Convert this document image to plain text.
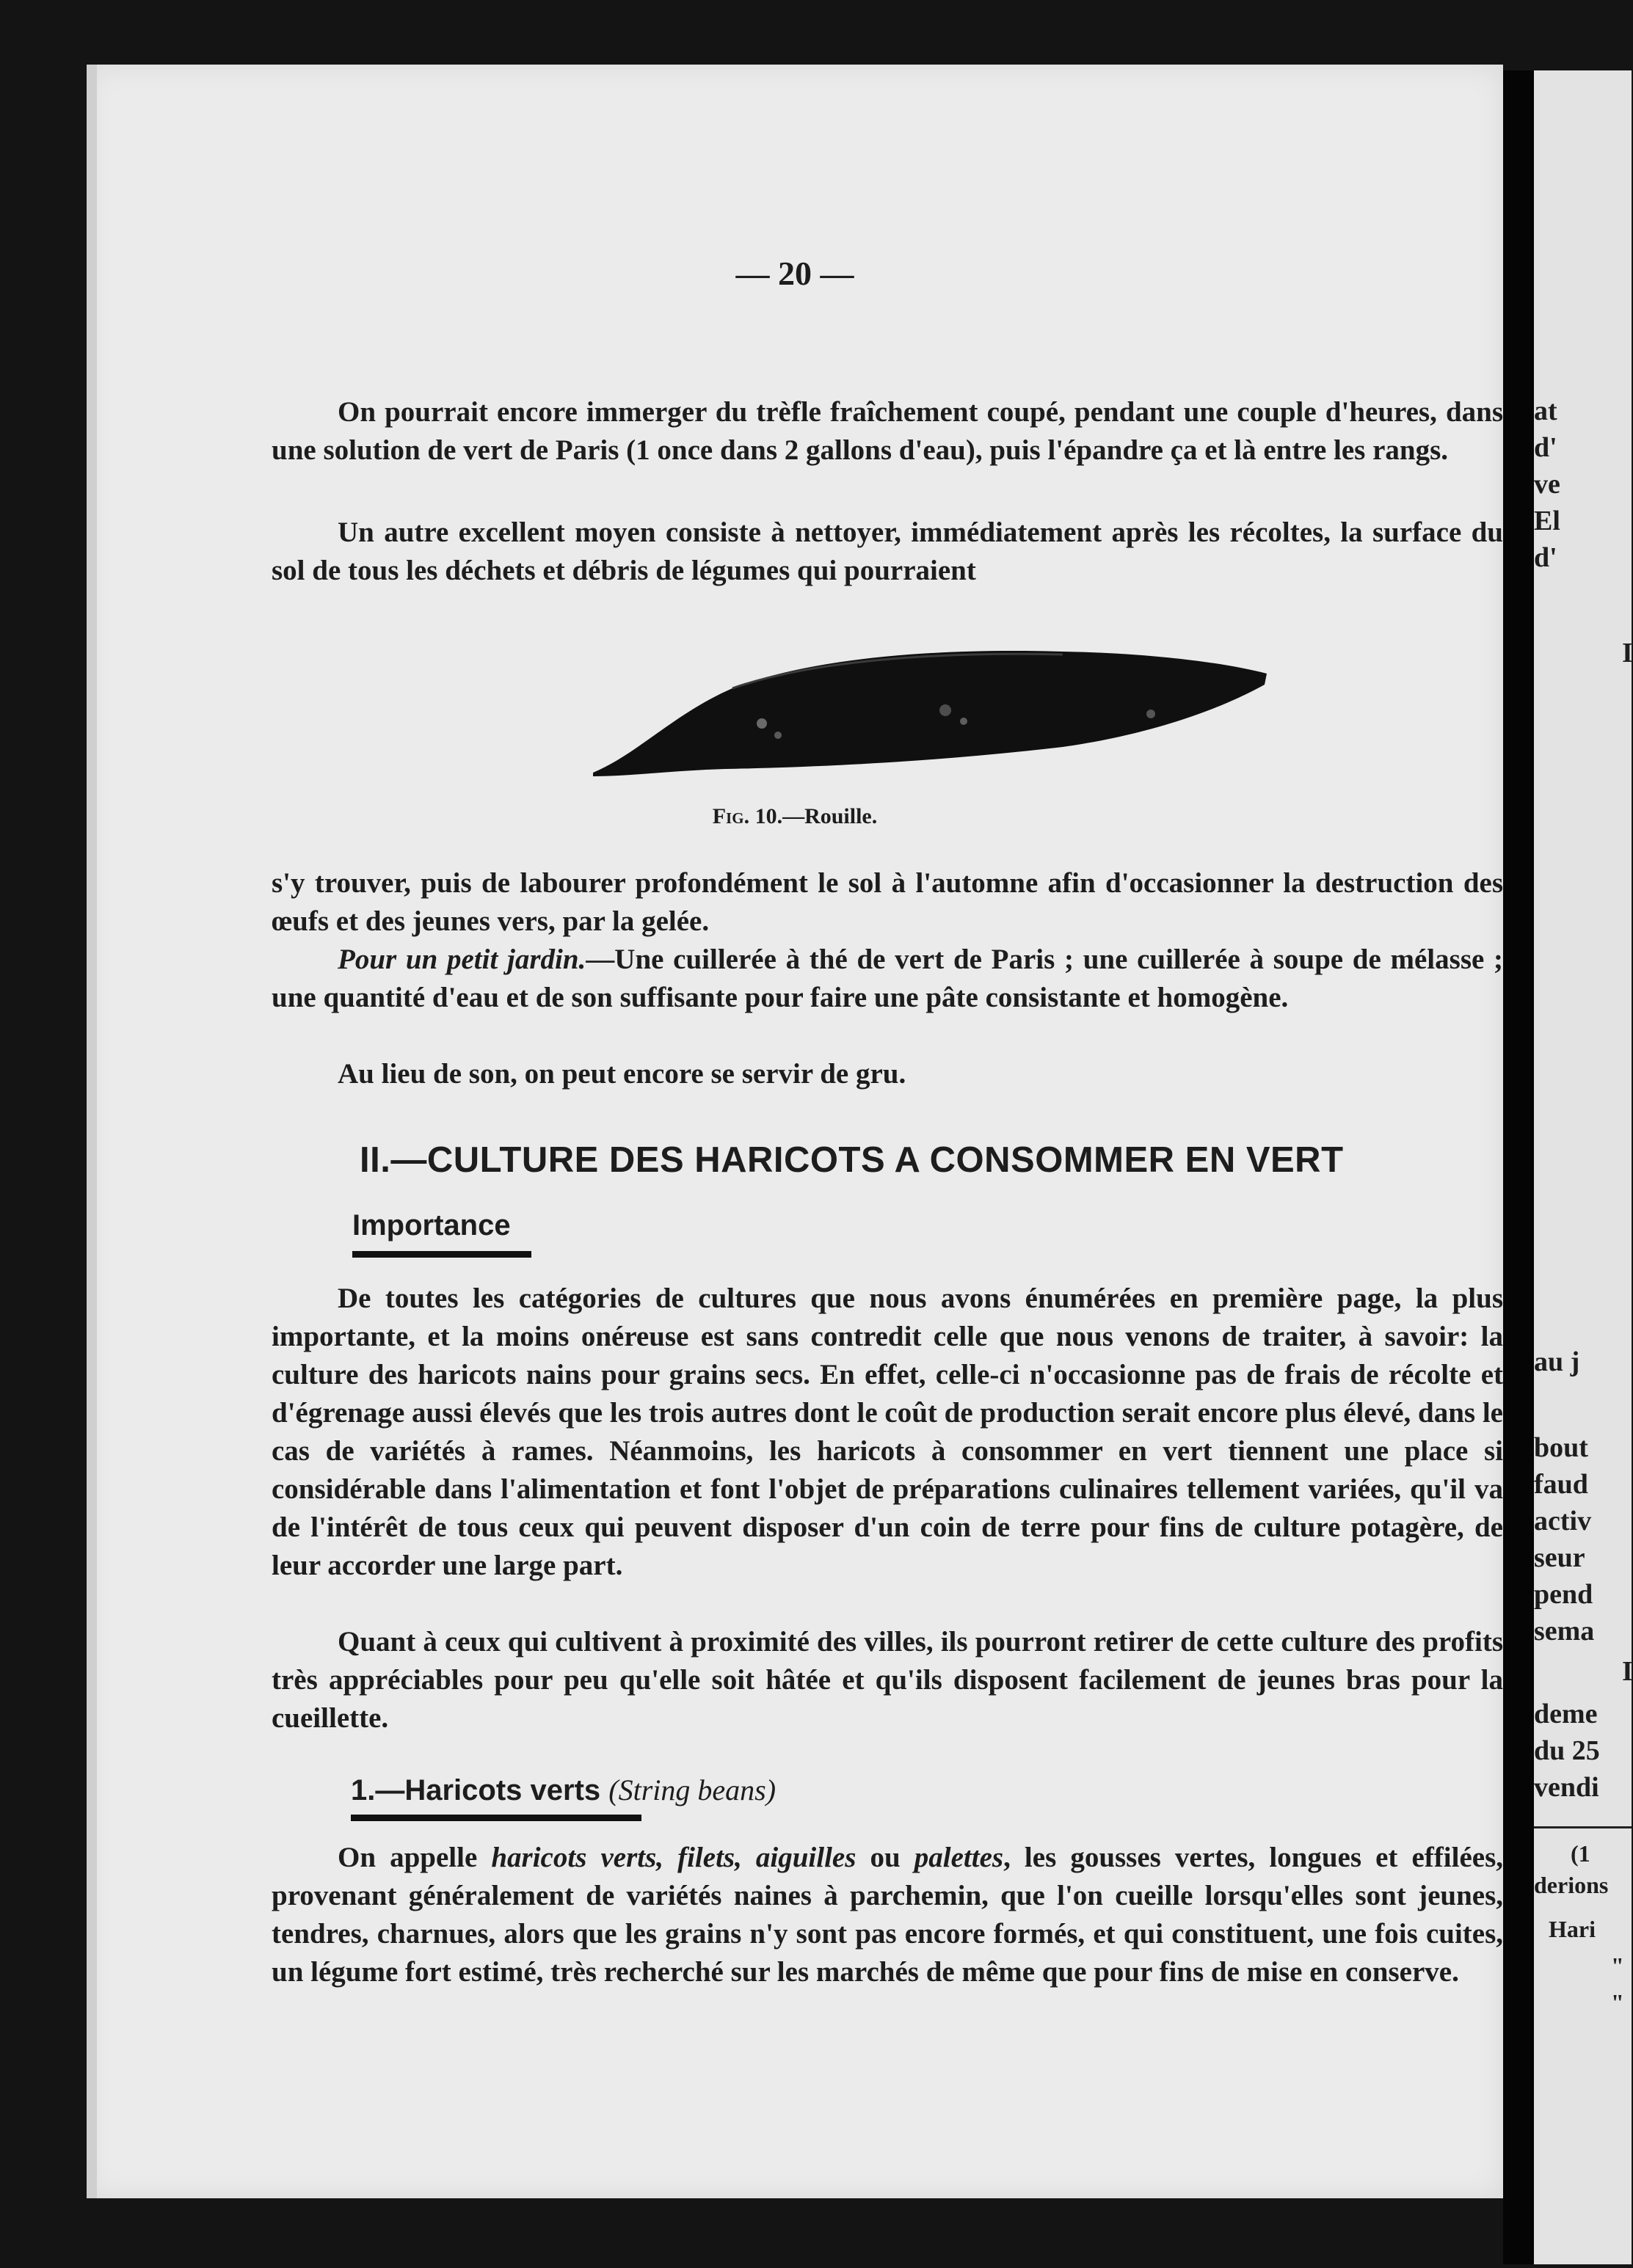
at
d'
ve
El
d'
I
au j
bout
faud
activ
seur
pend
sema
I
deme
du 25
vendi
(1
derions
Hari
"
"
— 20 —

On pourrait encore immerger du trèfle fraîchement coupé, pendant une couple d'heures, dans une solution de vert de Paris (1 once dans 2 gallons d'eau), puis l'épandre ça et là entre les rangs.

Un autre excellent moyen consiste à nettoyer, immédiatement après les récoltes, la surface du sol de tous les déchets et débris de légumes qui pourraient

Fig. 10.—Rouille.

s'y trouver, puis de labourer profondément le sol à l'automne afin d'occasionner la destruction des œufs et des jeunes vers, par la gelée.

Pour un petit jardin.—Une cuillerée à thé de vert de Paris ; une cuillerée à soupe de mélasse ; une quantité d'eau et de son suffisante pour faire une pâte consistante et homogène.

Au lieu de son, on peut encore se servir de gru.

II.—CULTURE DES HARICOTS A CONSOMMER EN VERT
Importance

De toutes les catégories de cultures que nous avons énumérées en première page, la plus importante, et la moins onéreuse est sans contredit celle que nous venons de traiter, à savoir: la culture des haricots nains pour grains secs. En effet, celle-ci n'occasionne pas de frais de récolte et d'égrenage aussi élevés que les trois autres dont le coût de production serait encore plus élevé, dans le cas de variétés à rames. Néanmoins, les haricots à consommer en vert tiennent une place si considérable dans l'alimentation et font l'objet de préparations culinaires tellement variées, qu'il va de l'intérêt de tous ceux qui peuvent disposer d'un coin de terre pour fins de culture potagère, de leur accorder une large part.

Quant à ceux qui cultivent à proximité des villes, ils pourront retirer de cette culture des profits très appréciables pour peu qu'elle soit hâtée et qu'ils disposent facilement de jeunes bras pour la cueillette.

1.—Haricots verts (String beans)

On appelle haricots verts, filets, aiguilles ou palettes, les gousses vertes, longues et effilées, provenant généralement de variétés naines à parchemin, que l'on cueille lorsqu'elles sont jeunes, tendres, charnues, alors que les grains n'y sont pas encore formés, et qui constituent, une fois cuites, un légume fort estimé, très recherché sur les marchés de même que pour fins de mise en conserve.
